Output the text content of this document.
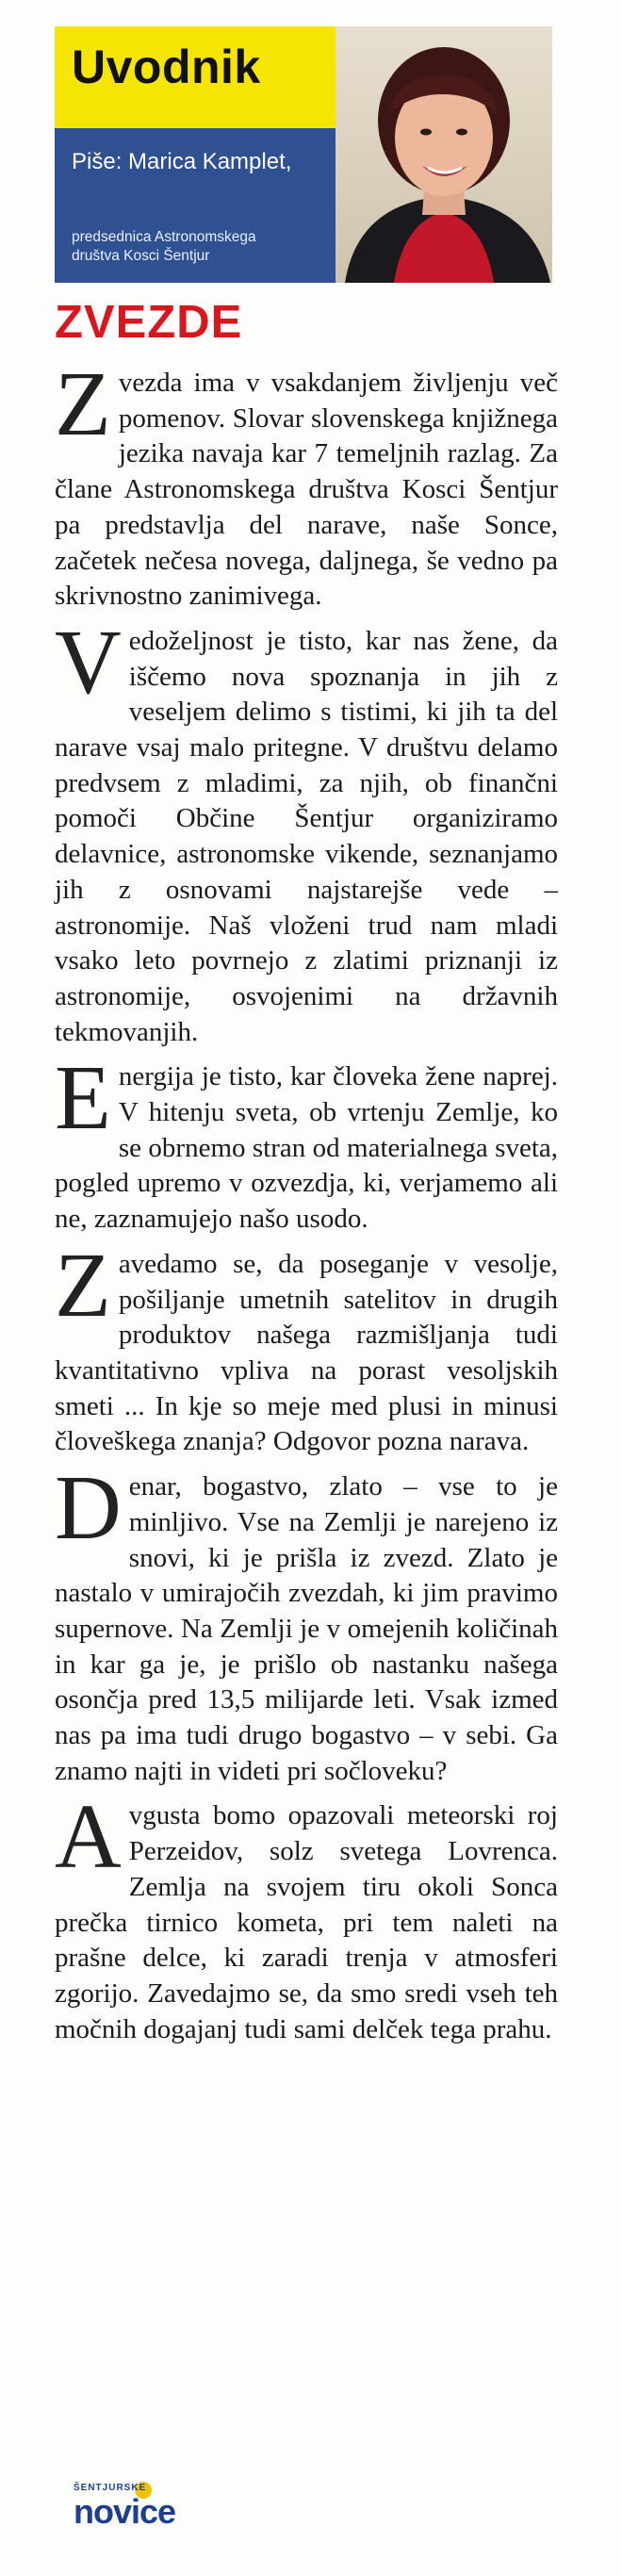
Uvodnik

Piše: Marica Kamplet,

predsednica Astronomskega
društva Kosci Šentjur
ZVEZDE

Zvezda ima v vsakdanjem življenju več pomenov. Slovar slovenskega knjižnega jezika navaja kar 7 temeljnih razlag. Za člane Astronomskega društva Kosci Šentjur pa predstavlja del narave, naše Sonce, začetek nečesa novega, daljnega, še vedno pa skrivnostno zanimivega.

Vedoželjnost je tisto, kar nas žene, da iščemo nova spoznanja in jih z veseljem delimo s tistimi, ki jih ta del narave vsaj malo pritegne. V društvu delamo predvsem z mladimi, za njih, ob finančni pomoči Občine Šentjur organiziramo delavnice, astronomske vikende, seznanjamo jih z osnovami najstarejše vede – astronomije. Naš vloženi trud nam mladi vsako leto povrnejo z zlatimi priznanji iz astronomije, osvojenimi na državnih tekmovanjih.

Energija je tisto, kar človeka žene naprej. V hitenju sveta, ob vrtenju Zemlje, ko se obrnemo stran od materialnega sveta, pogled upremo v ozvezdja, ki, verjamemo ali ne, zaznamujejo našo usodo.

Zavedamo se, da poseganje v vesolje, pošiljanje umetnih satelitov in drugih produktov našega razmišljanja tudi kvantitativno vpliva na porast vesoljskih smeti ... In kje so meje med plusi in minusi človeškega znanja? Odgovor pozna narava.

Denar, bogastvo, zlato – vse to je minljivo. Vse na Zemlji je narejeno iz snovi, ki je prišla iz zvezd. Zlato je nastalo v umirajočih zvezdah, ki jim pravimo supernove. Na Zemlji je v omejenih količinah in kar ga je, je prišlo ob nastanku našega osončja pred 13,5 milijarde leti. Vsak izmed nas pa ima tudi drugo bogastvo – v sebi. Ga znamo najti in videti pri sočloveku?

Avgusta bomo opazovali meteorski roj Perzeidov, solz svetega Lovrenca. Zemlja na svojem tiru okoli Sonca prečka tirnico kometa, pri tem naleti na prašne delce, ki zaradi trenja v atmosferi zgorijo. Zavedajmo se, da smo sredi vseh teh močnih dogajanj tudi sami delček tega prahu.

ŠENTJURSKE
novice
